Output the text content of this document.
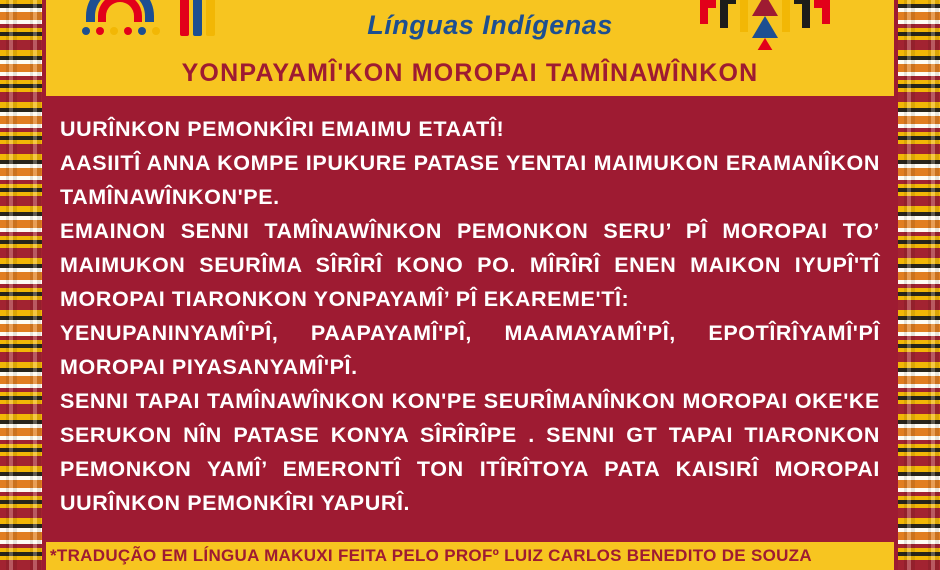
Línguas Indígenas
YONPAYAMÎ'KON MOROPAI TAMÎNAWÎNKON

UURÎNKON PEMONKÎRI EMAIMU ETAATÎ!

AASIITÎ ANNA KOMPE IPUKURE PATASE YENTAI MAIMUKON ERAMANÎKON TAMÎNAWÎNKON'PE.

EMAINON SENNI TAMÎNAWÎNKON PEMONKON SERU’ PÎ MOROPAI TO’ MAIMUKON SEURÎMA SÎRÎRÎ KONO PO. MÎRÎRÎ ENEN MAIKON IYUPÎ'TÎ MOROPAI TIARONKON YONPAYAMÎ’ PÎ EKAREME'TÎ:

YENUPANINYAMÎ'PÎ, PAAPAYAMÎ'PÎ, MAAMAYAMÎ'PÎ, EPOTÎRÎYAMÎ'PÎ MOROPAI PIYASANYAMÎ'PÎ.

SENNI TAPAI TAMÎNAWÎNKON KON'PE SEURÎMANÎNKON MOROPAI OKE'KE SERUKON NÎN PATASE KONYA SÎRÎRÎPE . SENNI GT TAPAI TIARONKON PEMONKON YAMÎ’ EMERONTÎ TON ITÎRÎTOYA PATA KAISIRÎ MOROPAI UURÎNKON PEMONKÎRI YAPURÎ.

*TRADUÇÃO EM LÍNGUA MAKUXI FEITA PELO PROFº LUIZ CARLOS BENEDITO DE SOUZA
